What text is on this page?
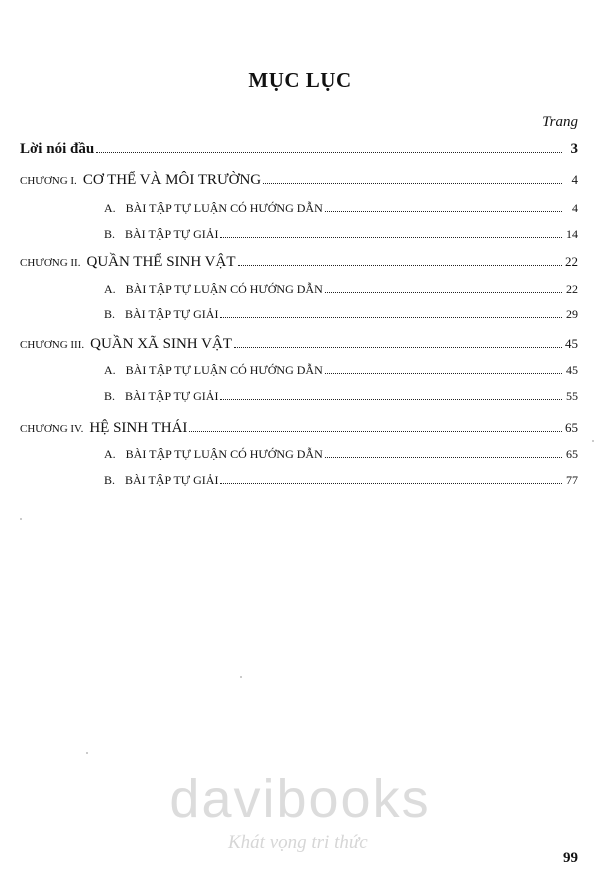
MỤC LỤC
Trang
Lời nói đầu	3
CHƯƠNG I. CƠ THỂ VÀ MÔI TRƯỜNG	4
A. BÀI TẬP TỰ LUẬN CÓ HƯỚNG DẪN	4
B. BÀI TẬP TỰ GIẢI	14
CHƯƠNG II. QUẦN THỂ SINH VẬT	22
A. BÀI TẬP TỰ LUẬN CÓ HƯỚNG DẪN	22
B. BÀI TẬP TỰ GIẢI	29
CHƯƠNG III. QUẦN XÃ SINH VẬT	45
A. BÀI TẬP TỰ LUẬN CÓ HƯỚNG DẪN	45
B. BÀI TẬP TỰ GIẢI	55
CHƯƠNG IV. HỆ SINH THÁI	65
A. BÀI TẬP TỰ LUẬN CÓ HƯỚNG DẪN	65
B. BÀI TẬP TỰ GIẢI	77
davibooks
Khát vọng tri thức
99
